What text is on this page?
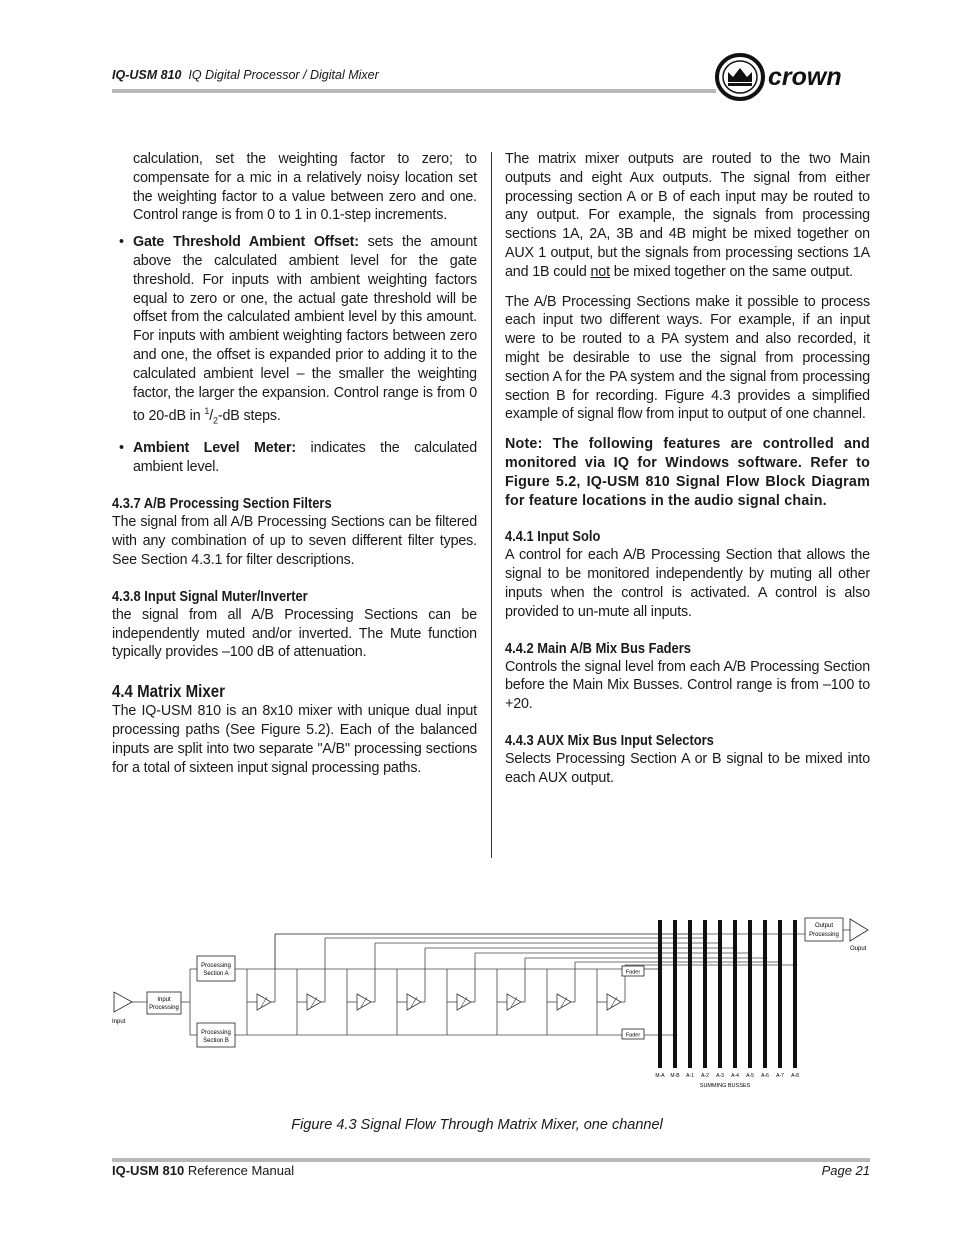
IQ-USM 810 IQ Digital Processor / Digital Mixer	crown

calculation, set the weighting factor to zero; to compensate for a mic in a relatively noisy location set the weighting factor to a value between zero and one. Control range is from 0 to 1 in 0.1-step increments.

• Gate Threshold Ambient Offset: sets the amount above the calculated ambient level for the gate threshold. For inputs with ambient weighting factors equal to zero or one, the actual gate threshold will be offset from the calculated ambient level by this amount. For inputs with ambient weighting factors between zero and one, the offset is expanded prior to adding it to the calculated ambient level – the smaller the weighting factor, the larger the expansion. Control range is from 0 to 20-dB in $^1/_2-dB$ steps.

• Ambient Level Meter: indicates the calculated ambient level.

4.3.7 A/B Processing Section Filters

The signal from all A/B Processing Sections can be filtered with any combination of up to seven different filter types. See Section 4.3.1 for filter descriptions.

4.3.8 Input Signal Muter/Inverter

the signal from all A/B Processing Sections can be independently muted and/or inverted. The Mute function typically provides –100 dB of attenuation.

4.4 Matrix Mixer

The IQ-USM 810 is an 8x10 mixer with unique dual input processing paths (See Figure 5.2). Each of the balanced inputs are split into two separate "A/B" processing sections for a total of sixteen input signal processing paths.

The matrix mixer outputs are routed to the two Main outputs and eight Aux outputs. The signal from either processing section A or B of each input may be routed to any output. For example, the signals from processing sections 1A, 2A, 3B and 4B might be mixed together on AUX 1 output, but the signals from processing sections 1A and 1B could not be mixed together on the same output.

The A/B Processing Sections make it possible to process each input two different ways. For example, if an input were to be routed to a PA system and also recorded, it might be desirable to use the signal from processing section A for the PA system and the signal from processing section B for recording. Figure 4.3 provides a simplified example of signal flow from input to output of one channel.

Note: The following features are controlled and monitored via IQ for Windows software. Refer to Figure 5.2, IQ-USM 810 Signal Flow Block Diagram for feature locations in the audio signal chain.

4.4.1 Input Solo

A control for each A/B Processing Section that allows the signal to be monitored independently by muting all other inputs when the control is activated. A control is also provided to un-mute all inputs.

4.4.2 Main A/B Mix Bus Faders

Controls the signal level from each A/B Processing Section before the Main Mix Busses. Control range is from –100 to +20.

4.4.3 AUX Mix Bus Input Selectors

Selects Processing Section A or B signal to be mixed into each AUX output.

Input
Input
Processing
Processing
Section A
Processing
Section B
Fader
Fader
Output
Processing
Ouput
SUMMING BUSSES
M-A M-B A-1 A-2 A-3 A-4 A-5 A-6 A-7 A-8
Figure 4.3 Signal Flow Through Matrix Mixer, one channel
IQ-USM 810 Reference Manual	Page 21
